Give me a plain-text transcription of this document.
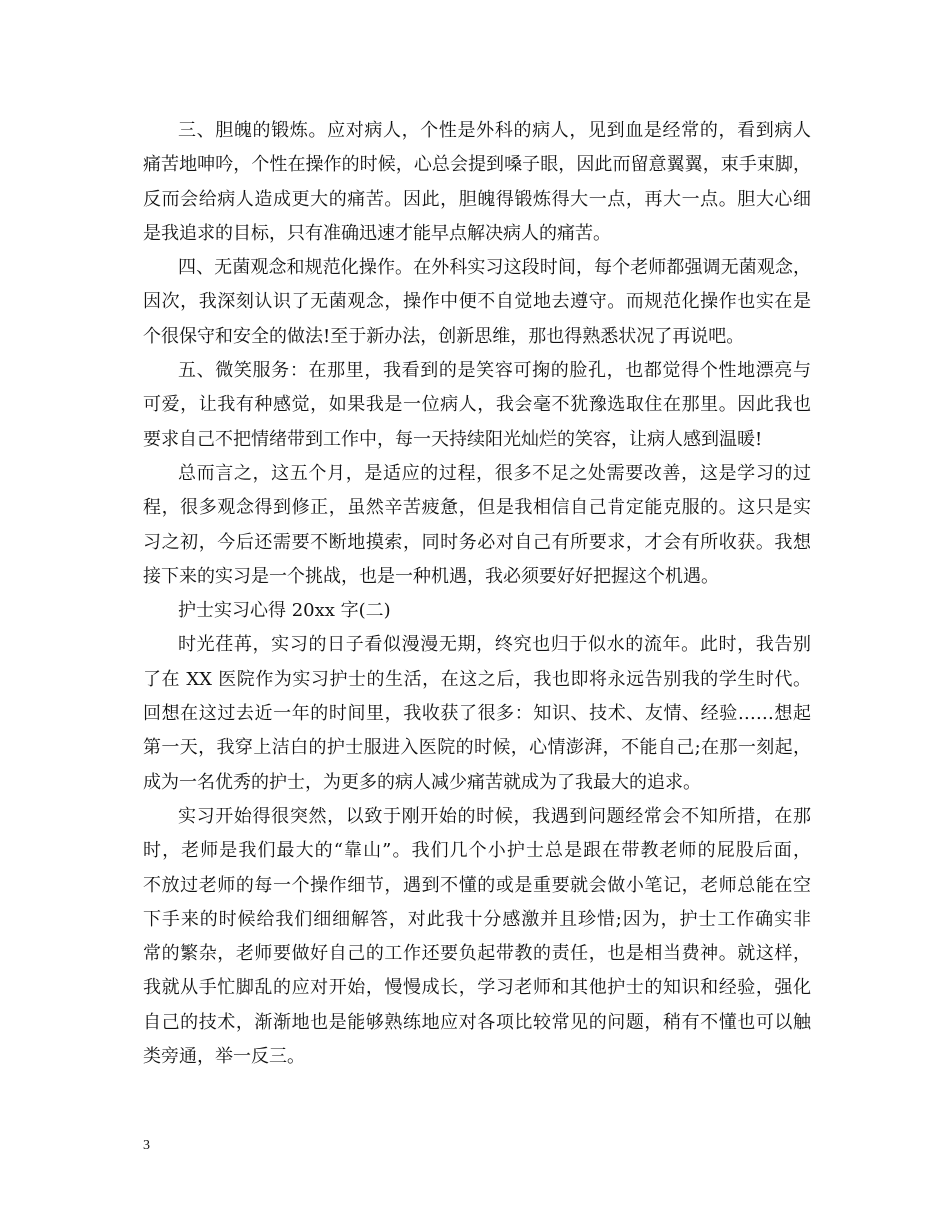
三、胆魄的锻炼。应对病人，个性是外科的病人，见到血是经常的，看到病人
痛苦地呻吟，个性在操作的时候，心总会提到嗓子眼，因此而留意翼翼，束手束脚，
反而会给病人造成更大的痛苦。因此，胆魄得锻炼得大一点，再大一点。胆大心细
是我追求的目标，只有准确迅速才能早点解决病人的痛苦。
四、无菌观念和规范化操作。在外科实习这段时间，每个老师都强调无菌观念，
因次，我深刻认识了无菌观念，操作中便不自觉地去遵守。而规范化操作也实在是
个很保守和安全的做法!至于新办法，创新思维，那也得熟悉状况了再说吧。
五、微笑服务：在那里，我看到的是笑容可掬的脸孔，也都觉得个性地漂亮与
可爱，让我有种感觉，如果我是一位病人，我会毫不犹豫选取住在那里。因此我也
要求自己不把情绪带到工作中，每一天持续阳光灿烂的笑容，让病人感到温暖!
总而言之，这五个月，是适应的过程，很多不足之处需要改善，这是学习的过
程，很多观念得到修正，虽然辛苦疲惫，但是我相信自己肯定能克服的。这只是实
习之初，今后还需要不断地摸索，同时务必对自己有所要求，才会有所收获。我想
接下来的实习是一个挑战，也是一种机遇，我必须要好好把握这个机遇。
护士实习心得 20xx 字(二)
时光荏苒，实习的日子看似漫漫无期，终究也归于似水的流年。此时，我告别
了在 XX 医院作为实习护士的生活，在这之后，我也即将永远告别我的学生时代。
回想在这过去近一年的时间里，我收获了很多：知识、技术、友情、经验……想起
第一天，我穿上洁白的护士服进入医院的时候，心情澎湃，不能自己;在那一刻起，
成为一名优秀的护士，为更多的病人减少痛苦就成为了我最大的追求。
实习开始得很突然，以致于刚开始的时候，我遇到问题经常会不知所措，在那
时，老师是我们最大的“靠山”。我们几个小护士总是跟在带教老师的屁股后面，
不放过老师的每一个操作细节，遇到不懂的或是重要就会做小笔记，老师总能在空
下手来的时候给我们细细解答，对此我十分感激并且珍惜;因为，护士工作确实非
常的繁杂，老师要做好自己的工作还要负起带教的责任，也是相当费神。就这样，
我就从手忙脚乱的应对开始，慢慢成长，学习老师和其他护士的知识和经验，强化
自己的技术，渐渐地也是能够熟练地应对各项比较常见的问题，稍有不懂也可以触
类旁通，举一反三。
3
